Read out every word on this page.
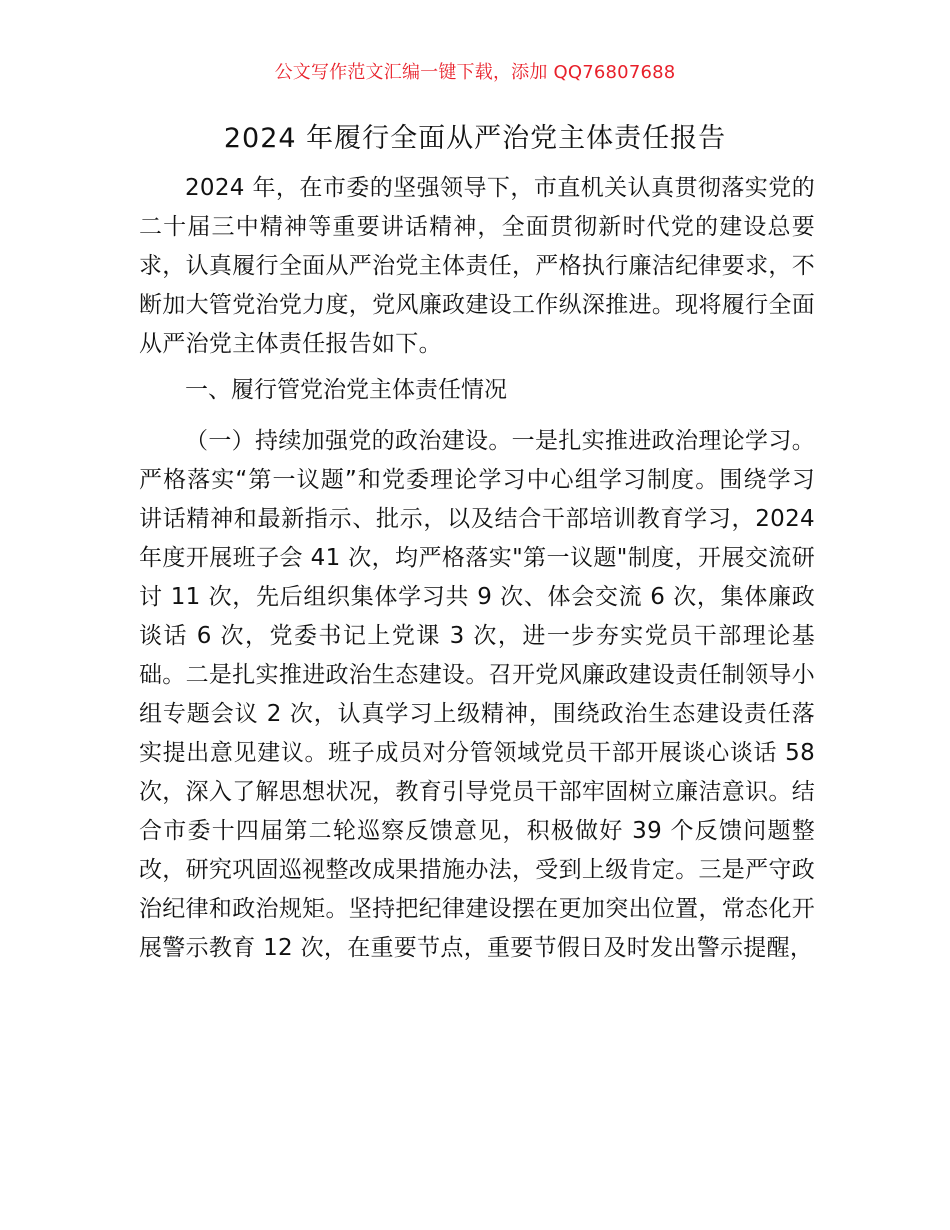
公文写作范文汇编一键下载，添加 QQ76807688
2024 年履行全面从严治党主体责任报告

2024 年，在市委的坚强领导下，市直机关认真贯彻落实党的二十届三中精神等重要讲话精神，全面贯彻新时代党的建设总要求，认真履行全面从严治党主体责任，严格执行廉洁纪律要求，不断加大管党治党力度，党风廉政建设工作纵深推进。现将履行全面从严治党主体责任报告如下。

一、履行管党治党主体责任情况

（一）持续加强党的政治建设。一是扎实推进政治理论学习。严格落实“第一议题”和党委理论学习中心组学习制度。围绕学习讲话精神和最新指示、批示，以及结合干部培训教育学习，2024 年度开展班子会 41 次，均严格落实"第一议题"制度，开展交流研讨 11 次，先后组织集体学习共 9 次、体会交流 6 次，集体廉政谈话 6 次，党委书记上党课 3 次，进一步夯实党员干部理论基础。二是扎实推进政治生态建设。召开党风廉政建设责任制领导小组专题会议 2 次，认真学习上级精神，围绕政治生态建设责任落实提出意见建议。班子成员对分管领域党员干部开展谈心谈话 58 次，深入了解思想状况，教育引导党员干部牢固树立廉洁意识。结合市委十四届第二轮巡察反馈意见，积极做好 39 个反馈问题整改，研究巩固巡视整改成果措施办法，受到上级肯定。三是严守政治纪律和政治规矩。坚持把纪律建设摆在更加突出位置，常态化开展警示教育 12 次，在重要节点，重要节假日及时发出警示提醒，
